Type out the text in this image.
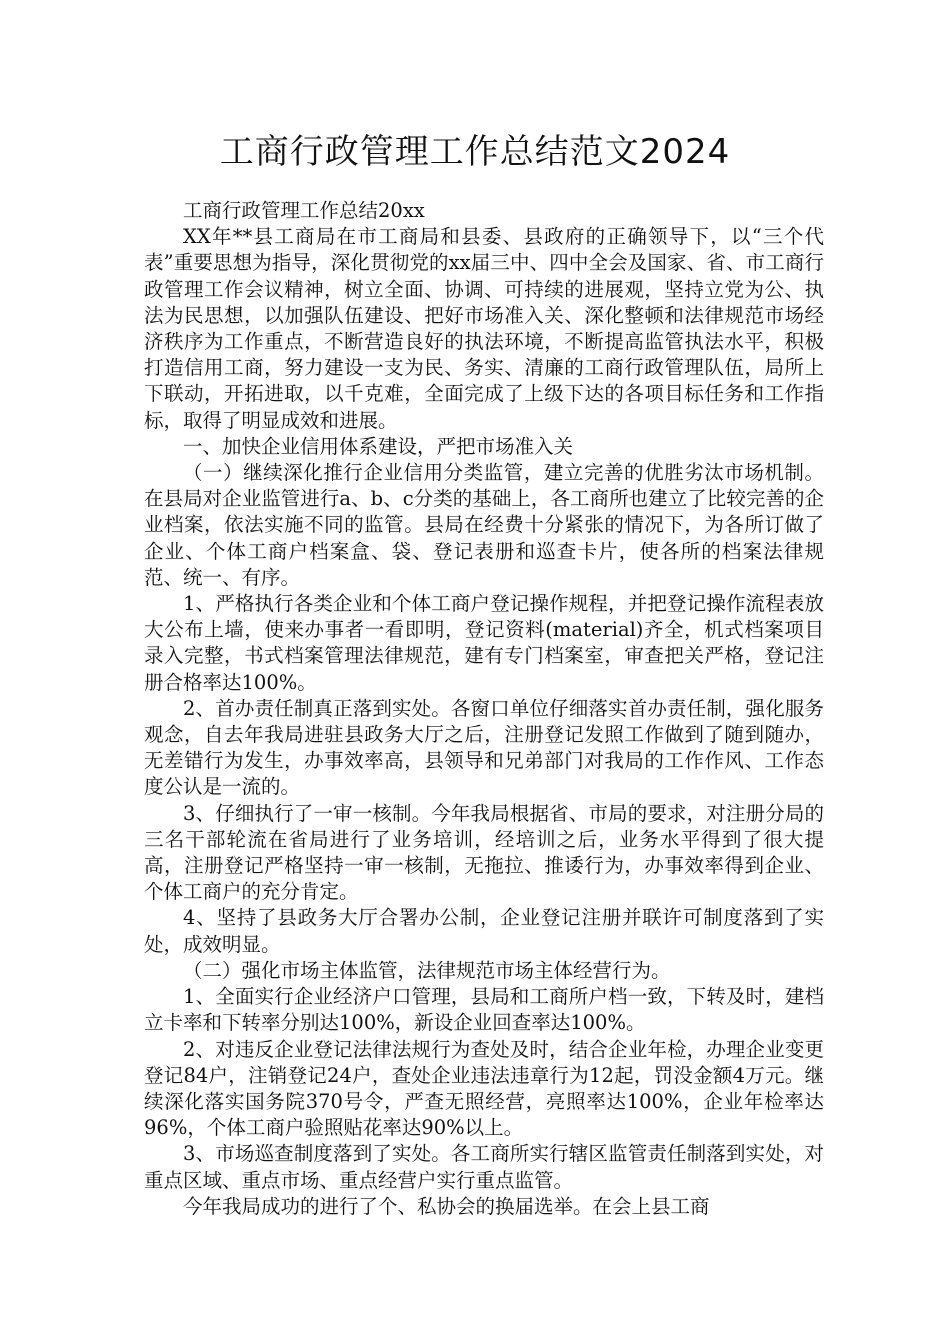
工商行政管理工作总结范文2024

工商行政管理工作总结20xx

XX年**县工商局在市工商局和县委、县政府的正确领导下，以“三个代表”重要思想为指导，深化贯彻党的xx届三中、四中全会及国家、省、市工商行政管理工作会议精神，树立全面、协调、可持续的进展观，坚持立党为公、执法为民思想，以加强队伍建设、把好市场准入关、深化整顿和法律规范市场经济秩序为工作重点，不断营造良好的执法环境，不断提高监管执法水平，积极打造信用工商，努力建设一支为民、务实、清廉的工商行政管理队伍，局所上下联动，开拓进取，以千克难，全面完成了上级下达的各项目标任务和工作指标，取得了明显成效和进展。

一、加快企业信用体系建设，严把市场准入关

（一）继续深化推行企业信用分类监管，建立完善的优胜劣汰市场机制。在县局对企业监管进行a、b、c分类的基础上，各工商所也建立了比较完善的企业档案，依法实施不同的监管。县局在经费十分紧张的情况下，为各所订做了企业、个体工商户档案盒、袋、登记表册和巡查卡片，使各所的档案法律规范、统一、有序。

1、严格执行各类企业和个体工商户登记操作规程，并把登记操作流程表放大公布上墙，使来办事者一看即明，登记资料(material)齐全，机式档案项目录入完整，书式档案管理法律规范，建有专门档案室，审查把关严格，登记注册合格率达100%。

2、首办责任制真正落到实处。各窗口单位仔细落实首办责任制，强化服务观念，自去年我局进驻县政务大厅之后，注册登记发照工作做到了随到随办，无差错行为发生，办事效率高，县领导和兄弟部门对我局的工作作风、工作态度公认是一流的。

3、仔细执行了一审一核制。今年我局根据省、市局的要求，对注册分局的三名干部轮流在省局进行了业务培训，经培训之后，业务水平得到了很大提高，注册登记严格坚持一审一核制，无拖拉、推诿行为，办事效率得到企业、个体工商户的充分肯定。

4、坚持了县政务大厅合署办公制，企业登记注册并联许可制度落到了实处，成效明显。

（二）强化市场主体监管，法律规范市场主体经营行为。

1、全面实行企业经济户口管理，县局和工商所户档一致，下转及时，建档立卡率和下转率分别达100%，新设企业回查率达100%。

2、对违反企业登记法律法规行为查处及时，结合企业年检，办理企业变更登记84户，注销登记24户，查处企业违法违章行为12起，罚没金额4万元。继续深化落实国务院370号令，严查无照经营，亮照率达100%，企业年检率达96%，个体工商户验照贴花率达90%以上。

3、市场巡查制度落到了实处。各工商所实行辖区监管责任制落到实处，对重点区域、重点市场、重点经营户实行重点监管。

今年我局成功的进行了个、私协会的换届选举。在会上县工商
